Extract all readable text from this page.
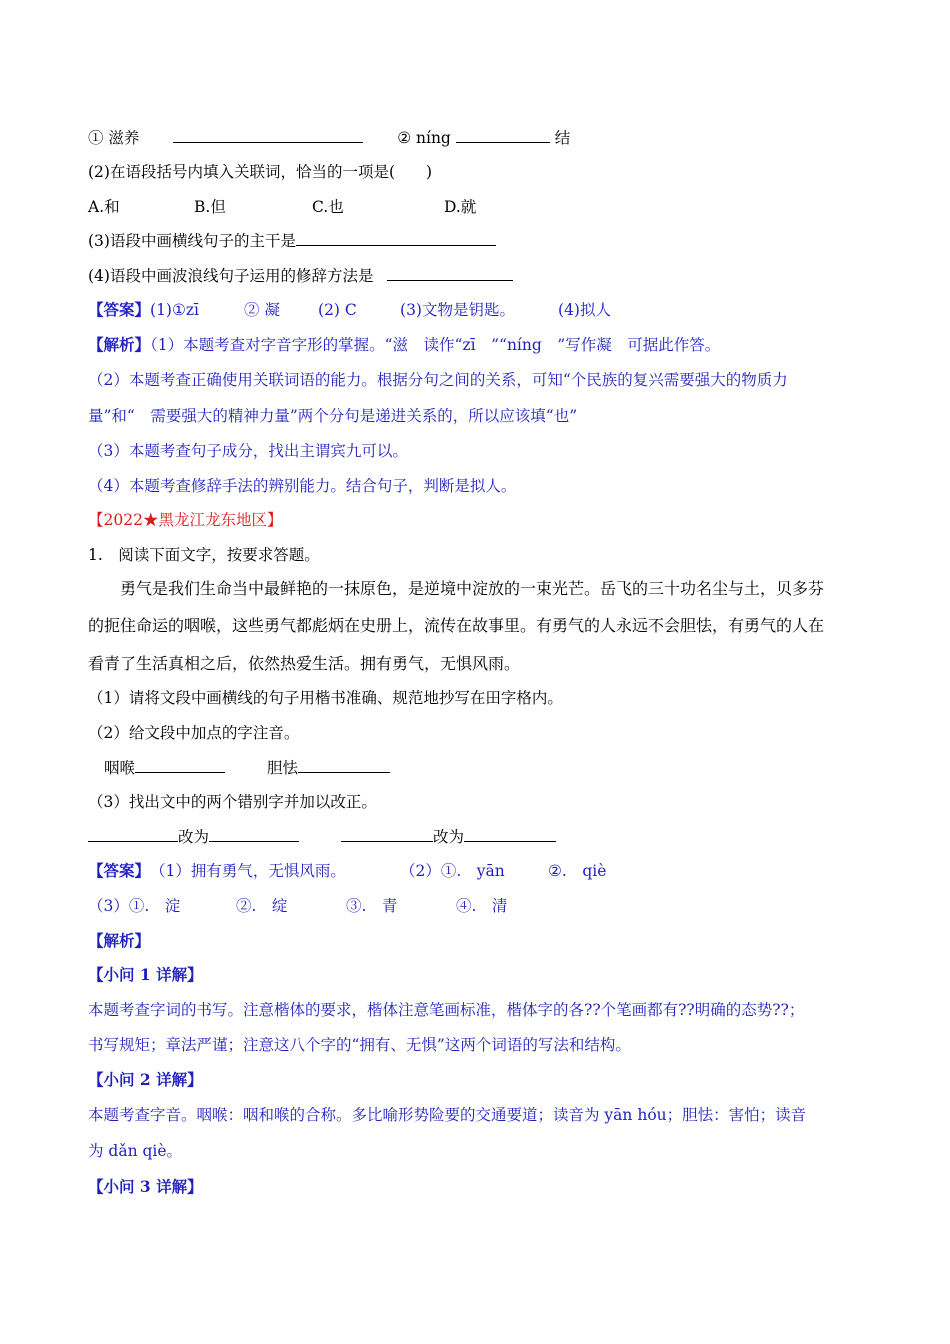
① 滋养	② níng	结
(2)在语段括号内填入关联词，恰当的一项是(　　)
A.和	B.但	C.也	D.就
(3)语段中画横线句子的主干是
(4)语段中画波浪线句子运用的修辞方法是
【答案】(1)①zī	② 凝 (2) C	(3)文物是钥匙。	(4)拟人
【解析】（1）本题考查对字音字形的掌握。“滋　读作“zī　”“níng　”写作凝　可据此作答。
（2）本题考查正确使用关联词语的能力。根据分句之间的关系，可知“个民族的复兴需要强大的物质力
量”和“　需要强大的精神力量”两个分句是递进关系的，所以应该填“也”
（3）本题考查句子成分，找出主谓宾九可以。
（4）本题考查修辞手法的辨别能力。结合句子，判断是拟人。
【2022★黑龙江龙东地区】
1.　阅读下面文字，按要求答题。
勇气是我们生命当中最鲜艳的一抹原色，是逆境中淀放的一束光芒。岳飞的三十功名尘与土，贝多芬
的扼住命运的咽喉，这些勇气都彪炳在史册上，流传在故事里。有勇气的人永远不会胆怯，有勇气的人在
看青了生活真相之后，依然热爱生活。拥有勇气，无惧风雨。
（1）请将文段中画横线的句子用楷书准确、规范地抄写在田字格内。
（2）给文段中加点的字注音。
咽喉	胆怯
（3）找出文中的两个错别字并加以改正。
改为	改为
【答案】（1）拥有勇气，无惧风雨。	（2）①.　yān	②.　qiè
（3）①.　淀	②.　绽	③.　青	④.　清
【解析】
【小问 1 详解】
本题考查字词的书写。注意楷体的要求，楷体注意笔画标准，楷体字的各??个笔画都有??明确的态势??；
书写规矩；章法严谨；注意这八个字的“拥有、无惧”这两个词语的写法和结构。
【小问 2 详解】
本题考查字音。咽喉：咽和喉的合称。多比喻形势险要的交通要道；读音为 yān hóu；胆怯：害怕；读音
为 dǎn qiè。
【小问 3 详解】
